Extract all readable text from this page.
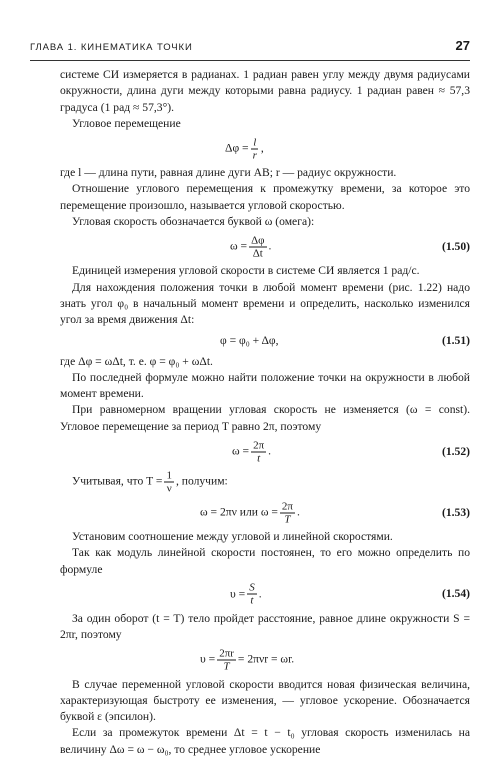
ГЛАВА 1. КИНЕМАТИКА ТОЧКИ	27

системе СИ измеряется в радианах. 1 радиан равен углу между двумя радиусами окружности, длина дуги между которыми равна радиусу. 1 радиан равен ≈ 57,3 градуса (1 рад ≈ 57,3°).

Угловое перемещение

$\Delta\varphi = \frac{l}{r}$ ,

где l — длина пути, равная длине дуги AB; r — радиус окружности.

Отношение углового перемещения к промежутку времени, за которое это перемещение произошло, называется угловой скоростью.

Угловая скорость обозначается буквой ω (омега):

$\omega = \frac{\Delta\varphi}{\Delta t}$ .	(1.50)

Единицей измерения угловой скорости в системе СИ является 1 рад/с.

Для нахождения положения точки в любой момент времени (рис. 1.22) надо знать угол φ₀ в начальный момент времени и определить, насколько изменился угол за время движения Δt:

φ = φ₀ + Δφ,	(1.51)

где Δφ = ωΔt, т. е. φ = φ₀ + ωΔt.

По последней формуле можно найти положение точки на окружности в любой момент времени.

При равномерном вращении угловая скорость не изменяется (ω = const). Угловое перемещение за период T равно 2π, поэтому

$\omega = \frac{2\pi}{t}$ .	(1.52)
Учитывая, что $T = \frac{1}{\nu}$ , получим:
ω = 2πν или $\omega = \frac{2\pi}{T}$ .	(1.53)

Установим соотношение между угловой и линейной скоростями.

Так как модуль линейной скорости постоянен, то его можно определить по формуле

$\upsilon = \frac{S}{t}$ .	(1.54)

За один оборот (t = T) тело пройдет расстояние, равное длине окружности S = 2πr, поэтому

$\upsilon = \frac{2\pi r}{T} = 2\pi\nu r = \omega r$.

В случае переменной угловой скорости вводится новая физическая величина, характеризующая быстроту ее изменения, — угловое ускорение. Обозначается буквой ε (эпсилон).

Если за промежуток времени Δt = t − t₀ угловая скорость изменилась на величину Δω = ω − ω₀, то среднее угловое ускорение
